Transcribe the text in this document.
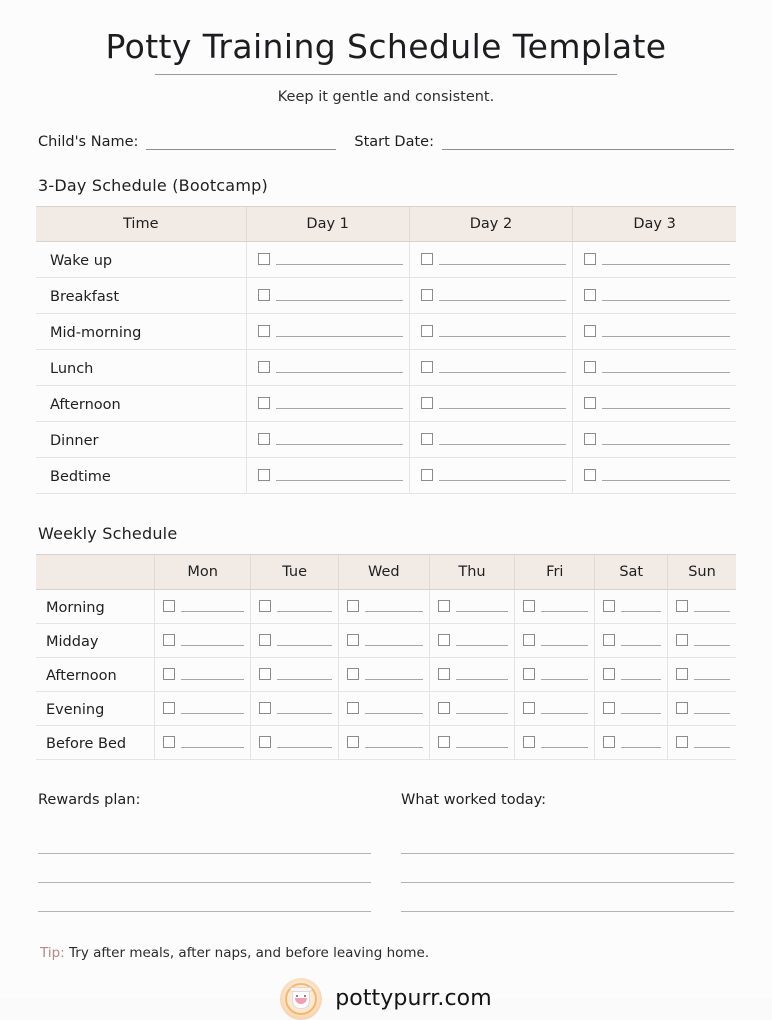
Potty Training Schedule Template
Keep it gentle and consistent.
Child's Name:	Start Date:
3-Day Schedule (Bootcamp)
Time	Day 1	Day 2	Day 3
Wake up	

Breakfast	

Mid-morning	

Lunch	

Afternoon	

Dinner	

Bedtime	

Weekly Schedule
	Mon	Tue	Wed	Thu	Fri	Sat	Sun
Morning	

Midday	

Afternoon	

Evening	

Before Bed	

Rewards plan:	What worked today:
Tip: Try after meals, after naps, and before leaving home.
pottypurr.com
